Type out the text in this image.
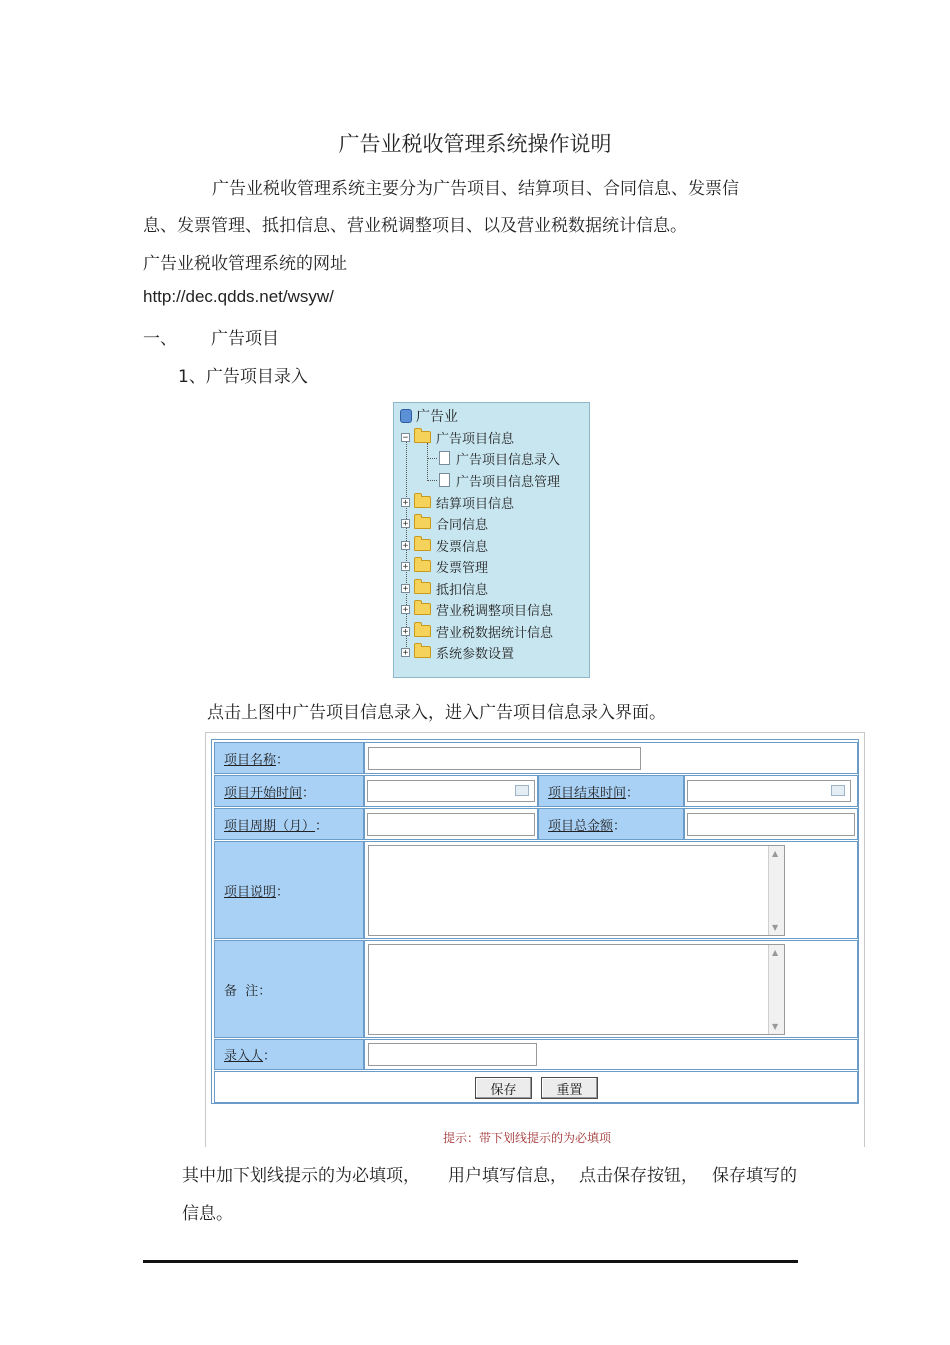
广告业税收管理系统操作说明
广告业税收管理系统主要分为广告项目、结算项目、合同信息、发票信
息、发票管理、抵扣信息、营业税调整项目、以及营业税数据统计信息。
广告业税收管理系统的网址
http://dec.qdds.net/wsyw/
一、 广告项目
1、广告项目录入
广告业
− 广告项目信息
广告项目信息录入
广告项目信息管理
+ 结算项目信息
+ 合同信息
+ 发票信息
+ 发票管理
+ 抵扣信息
+ 营业税调整项目信息
+ 营业税数据统计信息
+ 系统参数设置
点击上图中广告项目信息录入，进入广告项目信息录入界面。
项目名称 ：
项目开始时间 ：	项目结束时间 ：
项目周期（月） ：	项目总金额 ：
项目说明 ：
▲
▼
备  注 ：
▲
▼
录入人 ：
保存	重置
提示：带下划线提示的为必填项
其中加下划线提示的为必填项， 用户填写信息， 点击保存按钮， 保存填写的
信息。
